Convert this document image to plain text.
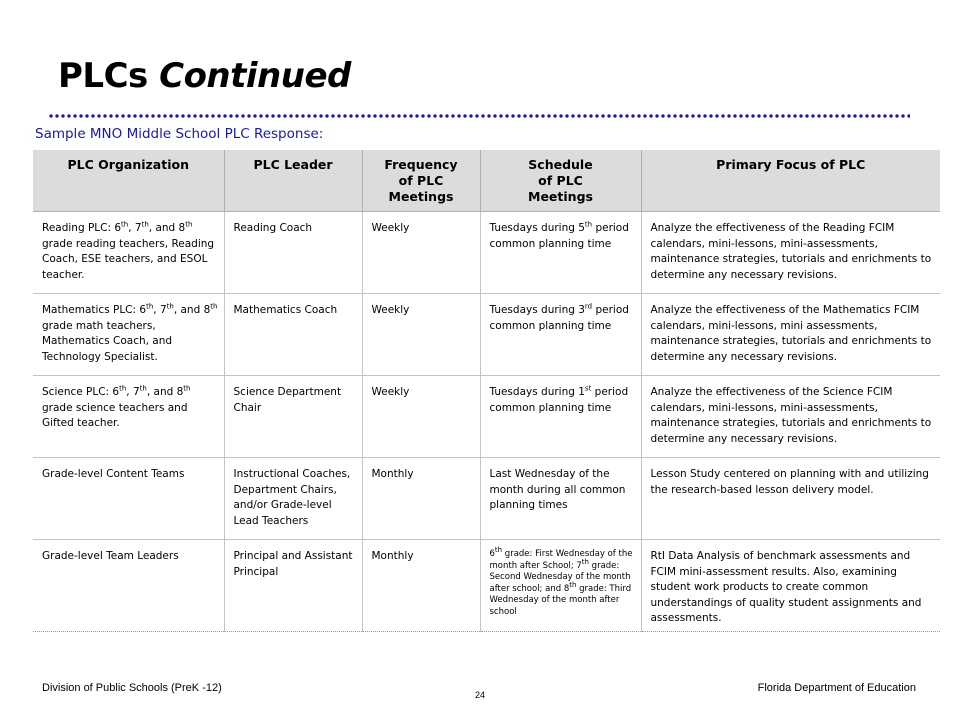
PLCs Continued
Sample MNO Middle School PLC Response:
PLC Organization	PLC Leader	Frequency of PLC Meetings	Schedule of PLC Meetings	Primary Focus of PLC
Reading PLC: 6th, 7th, and 8th grade reading teachers, Reading Coach, ESE teachers, and ESOL teacher.	Reading Coach	Weekly	Tuesdays during 5th period common planning time	Analyze the effectiveness of the Reading FCIM calendars, mini-lessons, mini-assessments, maintenance strategies, tutorials and enrichments to determine any necessary revisions.
Mathematics PLC: 6th, 7th, and 8th grade math teachers, Mathematics Coach, and Technology Specialist.	Mathematics Coach	Weekly	Tuesdays during 3rd period common planning time	Analyze the effectiveness of the Mathematics FCIM calendars, mini-lessons, mini assessments, maintenance strategies, tutorials and enrichments to determine any necessary revisions.
Science PLC: 6th, 7th, and 8th grade science teachers and Gifted teacher.	Science Department Chair	Weekly	Tuesdays during 1st period common planning time	Analyze the effectiveness of the Science FCIM calendars, mini-lessons, mini-assessments, maintenance strategies, tutorials and enrichments to determine any necessary revisions.
Grade-level Content Teams	Instructional Coaches, Department Chairs, and/or Grade-level Lead Teachers	Monthly	Last Wednesday of the month during all common planning times	Lesson Study centered on planning with and utilizing the research-based lesson delivery model.
Grade-level Team Leaders	Principal and Assistant Principal	Monthly	6th grade: First Wednesday of the month after School; 7th grade: Second Wednesday of the month after school; and 8th grade: Third Wednesday of the month after school	RtI Data Analysis of benchmark assessments and FCIM mini-assessment results. Also, examining student work products to create common understandings of quality student assignments and assessments.
Division of Public Schools (PreK -12)
24
Florida Department of Education
